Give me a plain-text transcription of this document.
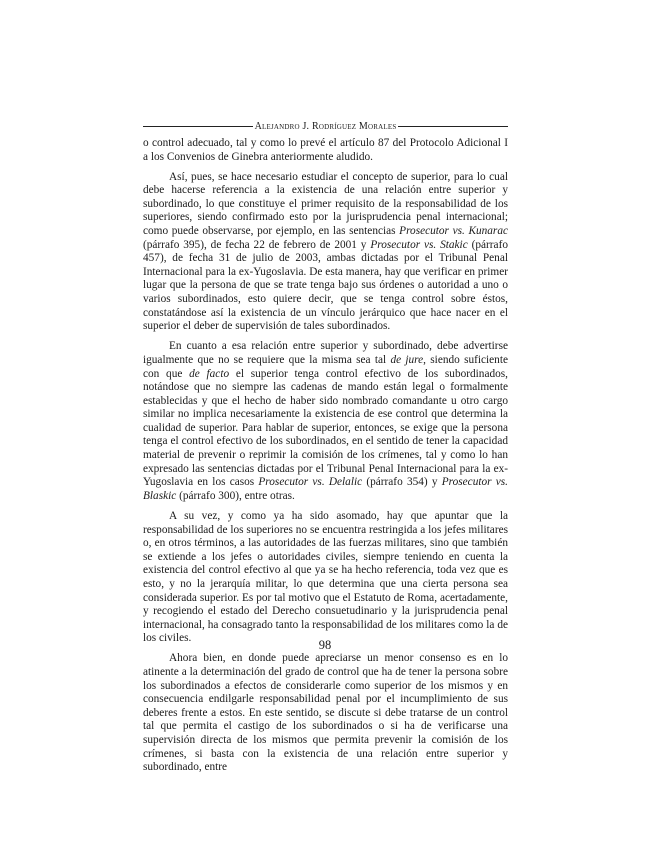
Alejandro J. Rodríguez Morales

o control adecuado, tal y como lo prevé el artículo 87 del Protocolo Adicional I a los Convenios de Ginebra anteriormente aludido.

Así, pues, se hace necesario estudiar el concepto de superior, para lo cual debe hacerse referencia a la existencia de una relación entre superior y subordinado, lo que constituye el primer requisito de la responsabilidad de los superiores, siendo confirmado esto por la jurisprudencia penal internacional; como puede observarse, por ejemplo, en las sentencias Prosecutor vs. Kunarac (párrafo 395), de fecha 22 de febrero de 2001 y Prosecutor vs. Stakic (párrafo 457), de fecha 31 de julio de 2003, ambas dictadas por el Tribunal Penal Internacional para la ex-Yugoslavia. De esta manera, hay que verificar en primer lugar que la persona de que se trate tenga bajo sus órdenes o autoridad a uno o varios subordinados, esto quiere decir, que se tenga control sobre éstos, constatándose así la existencia de un vínculo jerárquico que hace nacer en el superior el deber de supervisión de tales subordinados.

En cuanto a esa relación entre superior y subordinado, debe advertirse igualmente que no se requiere que la misma sea tal de jure, siendo suficiente con que de facto el superior tenga control efectivo de los subordinados, notándose que no siempre las cadenas de mando están legal o formalmente establecidas y que el hecho de haber sido nombrado comandante u otro cargo similar no implica necesariamente la existencia de ese control que determina la cualidad de superior. Para hablar de superior, entonces, se exige que la persona tenga el control efectivo de los subordinados, en el sentido de tener la capacidad material de prevenir o reprimir la comisión de los crímenes, tal y como lo han expresado las sentencias dictadas por el Tribunal Penal Internacional para la ex-Yugoslavia en los casos Prosecutor vs. Delalic (párrafo 354) y Prosecutor vs. Blaskic (párrafo 300), entre otras.

A su vez, y como ya ha sido asomado, hay que apuntar que la responsabilidad de los superiores no se encuentra restringida a los jefes militares o, en otros términos, a las autoridades de las fuerzas militares, sino que también se extiende a los jefes o autoridades civiles, siempre teniendo en cuenta la existencia del control efectivo al que ya se ha hecho referencia, toda vez que es esto, y no la jerarquía militar, lo que determina que una cierta persona sea considerada superior. Es por tal motivo que el Estatuto de Roma, acertadamente, y recogiendo el estado del Derecho consuetudinario y la jurisprudencia penal internacional, ha consagrado tanto la responsabilidad de los militares como la de los civiles.

Ahora bien, en donde puede apreciarse un menor consenso es en lo atinente a la determinación del grado de control que ha de tener la persona sobre los subordinados a efectos de considerarle como superior de los mismos y en consecuencia endilgarle responsabilidad penal por el incumplimiento de sus deberes frente a estos. En este sentido, se discute si debe tratarse de un control tal que permita el castigo de los subordinados o si ha de verificarse una supervisión directa de los mismos que permita prevenir la comisión de los crímenes, si basta con la existencia de una relación entre superior y subordinado, entre

98
